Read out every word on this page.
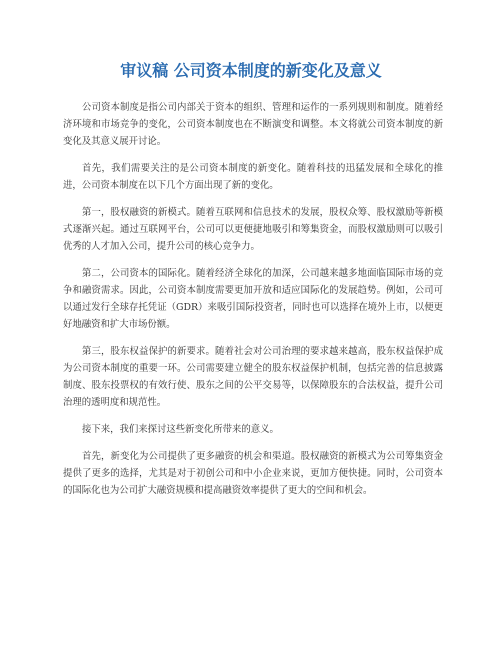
审议稿 公司资本制度的新变化及意义

公司资本制度是指公司内部关于资本的组织、管理和运作的一系列规则和制度。随着经济环境和市场竞争的变化，公司资本制度也在不断演变和调整。本文将就公司资本制度的新变化及其意义展开讨论。

首先，我们需要关注的是公司资本制度的新变化。随着科技的迅猛发展和全球化的推进，公司资本制度在以下几个方面出现了新的变化。

第一，股权融资的新模式。随着互联网和信息技术的发展，股权众筹、股权激励等新模式逐渐兴起。通过互联网平台，公司可以更便捷地吸引和筹集资金，而股权激励则可以吸引优秀的人才加入公司，提升公司的核心竞争力。

第二，公司资本的国际化。随着经济全球化的加深，公司越来越多地面临国际市场的竞争和融资需求。因此，公司资本制度需要更加开放和适应国际化的发展趋势。例如，公司可以通过发行全球存托凭证（GDR）来吸引国际投资者，同时也可以选择在境外上市，以便更好地融资和扩大市场份额。

第三，股东权益保护的新要求。随着社会对公司治理的要求越来越高，股东权益保护成为公司资本制度的重要一环。公司需要建立健全的股东权益保护机制，包括完善的信息披露制度、股东投票权的有效行使、股东之间的公平交易等，以保障股东的合法权益，提升公司治理的透明度和规范性。

接下来，我们来探讨这些新变化所带来的意义。

首先，新变化为公司提供了更多融资的机会和渠道。股权融资的新模式为公司筹集资金提供了更多的选择，尤其是对于初创公司和中小企业来说，更加方便快捷。同时，公司资本的国际化也为公司扩大融资规模和提高融资效率提供了更大的空间和机会。
